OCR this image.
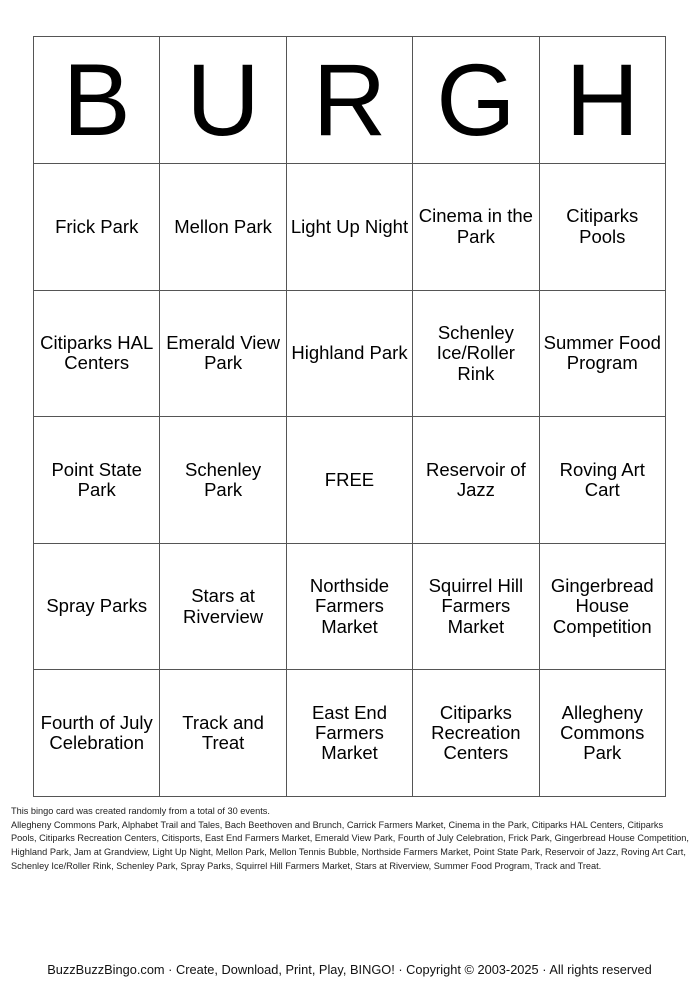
B	U	R	G	H
Frick Park	Mellon Park	Light Up Night	Cinema in the Park	Citiparks Pools
Citiparks HAL Centers	Emerald View Park	Highland Park	Schenley Ice/Roller Rink	Summer Food Program
Point State Park	Schenley Park	FREE	Reservoir of Jazz	Roving Art Cart
Spray Parks	Stars at Riverview	Northside Farmers Market	Squirrel Hill Farmers Market	Gingerbread House Competition
Fourth of July Celebration	Track and Treat	East End Farmers Market	Citiparks Recreation Centers	Allegheny Commons Park
This bingo card was created randomly from a total of 30 events.
Allegheny Commons Park, Alphabet Trail and Tales, Bach Beethoven and Brunch, Carrick Farmers Market, Cinema in the Park, Citiparks HAL Centers, Citiparks Pools, Citiparks Recreation Centers, Citisports, East End Farmers Market, Emerald View Park, Fourth of July Celebration, Frick Park, Gingerbread House Competition, Highland Park, Jam at Grandview, Light Up Night, Mellon Park, Mellon Tennis Bubble, Northside Farmers Market, Point State Park, Reservoir of Jazz, Roving Art Cart, Schenley Ice/Roller Rink, Schenley Park, Spray Parks, Squirrel Hill Farmers Market, Stars at Riverview, Summer Food Program, Track and Treat.
BuzzBuzzBingo.com · Create, Download, Print, Play, BINGO! · Copyright © 2003-2025 · All rights reserved
